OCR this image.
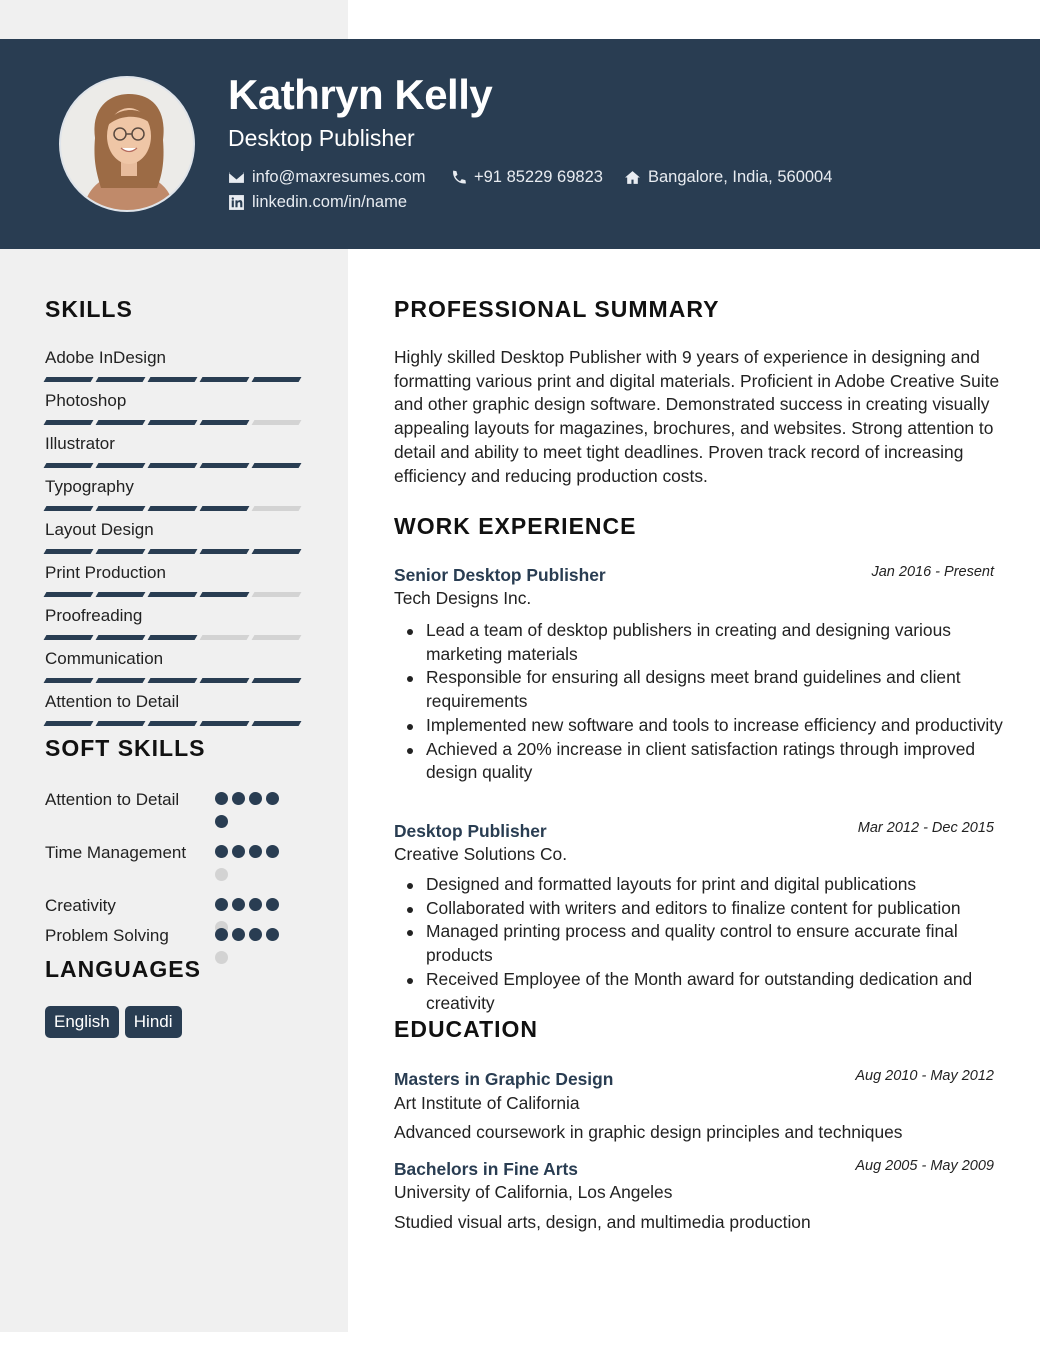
Kathryn Kelly
Desktop Publisher
info@maxresumes.com	+91 85229 69823	Bangalore, India, 560004
linkedin.com/in/name
SKILLS
Adobe InDesign
Photoshop
Illustrator
Typography
Layout Design
Print Production
Proofreading
Communication
Attention to Detail
SOFT SKILLS
Attention to Detail
Time Management
Creativity
Problem Solving
LANGUAGES
English	Hindi
PROFESSIONAL SUMMARY
Highly skilled Desktop Publisher with 9 years of experience in designing and formatting various print and digital materials. Proficient in Adobe Creative Suite and other graphic design software. Demonstrated success in creating visually appealing layouts for magazines, brochures, and websites. Strong attention to detail and ability to meet tight deadlines. Proven track record of increasing efficiency and reducing production costs.
WORK EXPERIENCE
Senior Desktop Publisher	Jan 2016 - Present
Tech Designs Inc.
Lead a team of desktop publishers in creating and designing various marketing materials
Responsible for ensuring all designs meet brand guidelines and client requirements
Implemented new software and tools to increase efficiency and productivity
Achieved a 20% increase in client satisfaction ratings through improved design quality
Desktop Publisher	Mar 2012 - Dec 2015
Creative Solutions Co.
Designed and formatted layouts for print and digital publications
Collaborated with writers and editors to finalize content for publication
Managed printing process and quality control to ensure accurate final products
Received Employee of the Month award for outstanding dedication and creativity
EDUCATION
Masters in Graphic Design	Aug 2010 - May 2012
Art Institute of California
Advanced coursework in graphic design principles and techniques
Bachelors in Fine Arts	Aug 2005 - May 2009
University of California, Los Angeles
Studied visual arts, design, and multimedia production
